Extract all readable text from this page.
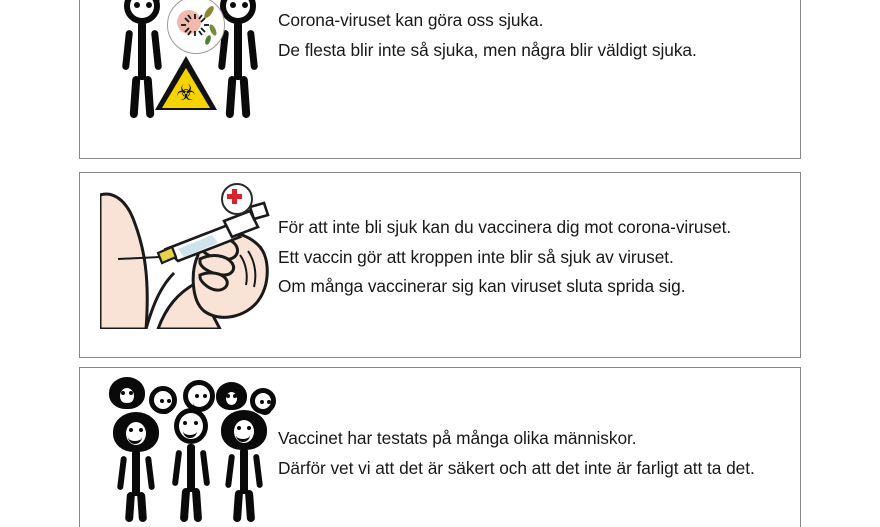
☣
Corona-viruset kan göra oss sjuka.
De flesta blir inte så sjuka, men några blir väldigt sjuka.
För att inte bli sjuk kan du vaccinera dig mot corona-viruset.
Ett vaccin gör att kroppen inte blir så sjuk av viruset.
Om många vaccinerar sig kan viruset sluta sprida sig.
Vaccinet har testats på många olika människor.
Därför vet vi att det är säkert och att det inte är farligt att ta det.
